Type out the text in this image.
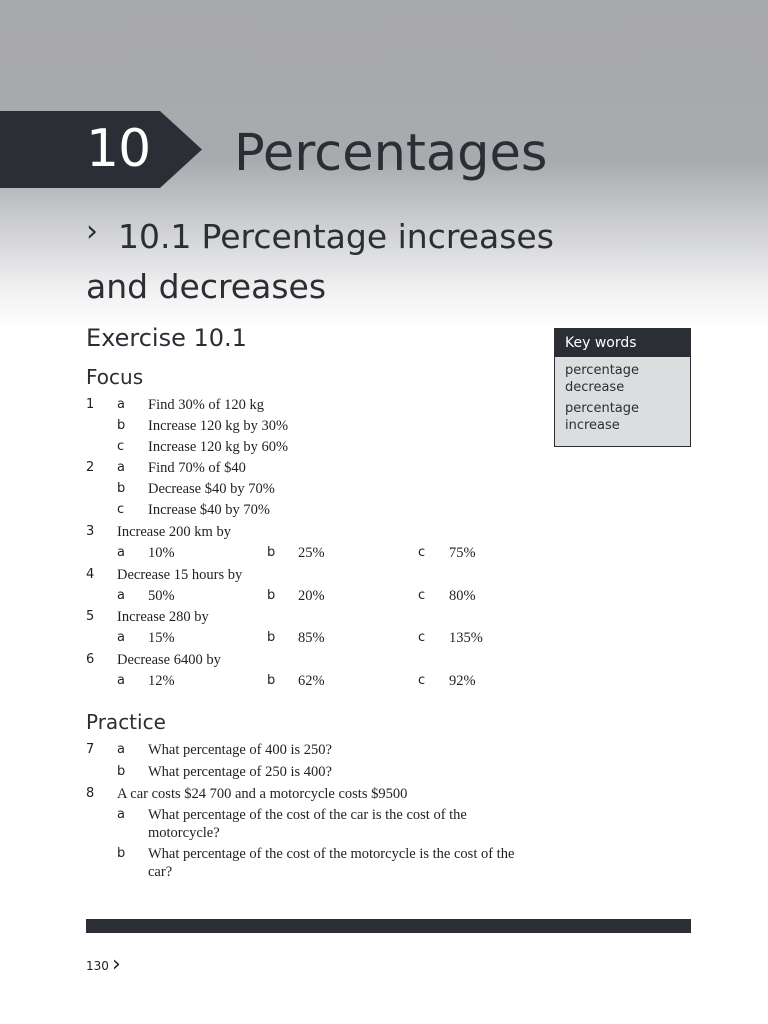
10 Percentages
› 10.1 Percentage increases
and decreases
Exercise 10.1	Key words
percentage decrease
percentage increase
Focus
1 a Find 30% of 120 kg
b Increase 120 kg by 30%
c Increase 120 kg by 60%
2 a Find 70% of $40
b Decrease $40 by 70%
c Increase $40 by 70%
3 Increase 200 km by
a 10%	b 25%	c 75%
4 Decrease 15 hours by
a 50%	b 20%	c 80%
5 Increase 280 by
a 15%	b 85%	c 135%
6 Decrease 6400 by
a 12%	b 62%	c 92%
Practice
7 a What percentage of 400 is 250?
b What percentage of 250 is 400?
8 A car costs $24 700 and a motorcycle costs $9500
a What percentage of the cost of the car is the cost of the motorcycle?
b What percentage of the cost of the motorcycle is the cost of the car?
130 ›
